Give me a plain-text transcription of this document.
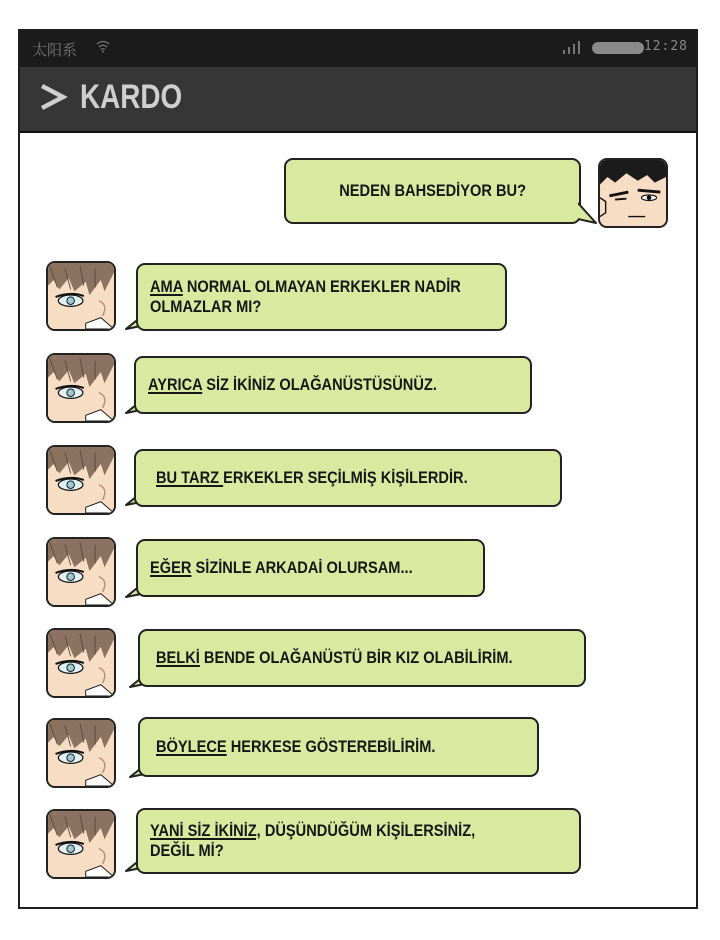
太阳系	12:28
KARDO
NEDEN BAHSEDİYOR BU?
AMA NORMAL OLMAYAN ERKEKLER NADİR
OLMAZLAR MI?
AYRICA SİZ İKİNİZ OLAĞANÜSTÜSÜNÜZ.
BU TARZ ERKEKLER SEÇİLMİŞ KİŞİLERDİR.
EĞER SİZİNLE ARKADAİ OLURSAM...
BELKİ BENDE OLAĞANÜSTÜ BİR KIZ OLABİLİRİM.
BÖYLECE HERKESE GÖSTEREBİLİRİM.
YANİ SİZ İKİNİZ, DÜŞÜNDÜĞÜM KİŞİLERSİNİZ,
DEĞİL Mİ?
